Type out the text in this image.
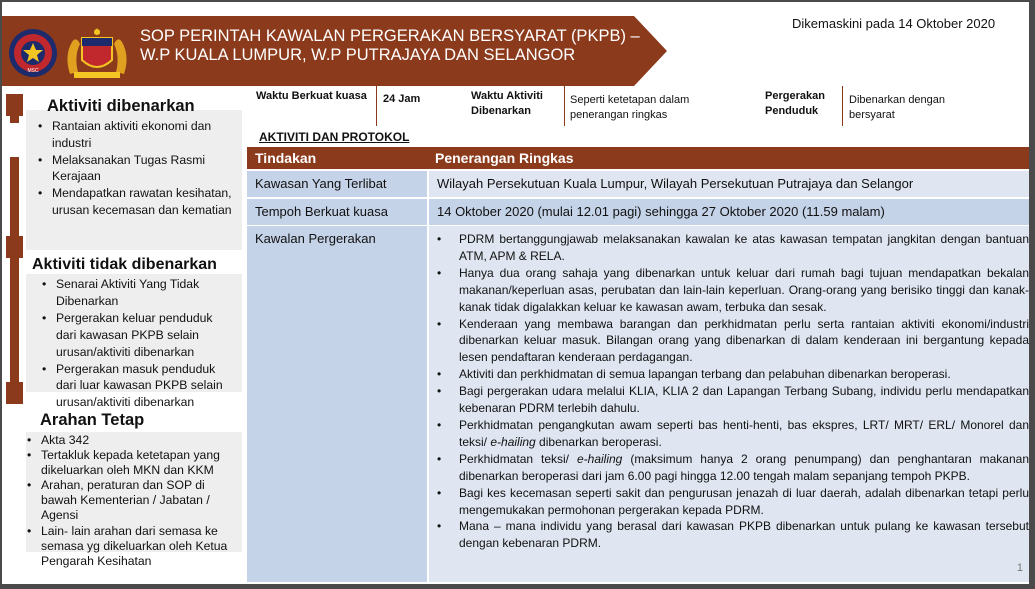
MSC
SOP PERINTAH KAWALAN PERGERAKAN BERSYARAT (PKPB) – W.P KUALA LUMPUR, W.P PUTRAJAYA DAN SELANGOR
Dikemaskini pada 14 Oktober 2020
Aktiviti dibenarkan
• Rantaian aktiviti ekonomi dan industri
• Melaksanakan Tugas Rasmi Kerajaan
• Mendapatkan rawatan kesihatan, urusan kecemasan dan kematian
Aktiviti tidak dibenarkan
• Senarai Aktiviti Yang Tidak Dibenarkan
• Pergerakan keluar penduduk dari kawasan PKPB selain urusan/aktiviti dibenarkan
• Pergerakan masuk penduduk dari luar kawasan PKPB selain urusan/aktiviti dibenarkan
Arahan Tetap
• Akta 342
• Tertakluk kepada ketetapan yang dikeluarkan oleh MKN dan KKM
• Arahan, peraturan dan SOP di bawah Kementerian / Jabatan / Agensi
• Lain- lain arahan dari semasa ke semasa yg dikeluarkan oleh Ketua Pengarah Kesihatan
Waktu Berkuat kuasa	24 Jam	Waktu Aktiviti Dibenarkan
Seperti ketetapan dalam penerangan ringkas
Pergerakan Penduduk
Dibenarkan dengan bersyarat
AKTIVITI DAN PROTOKOL
Tindakan	Penerangan Ringkas
Kawasan Yang Terlibat	Wilayah Persekutuan Kuala Lumpur, Wilayah Persekutuan Putrajaya dan Selangor
Tempoh Berkuat kuasa	14 Oktober 2020 (mulai 12.01 pagi) sehingga 27 Oktober 2020 (11.59 malam)
Kawalan Pergerakan
•	PDRM bertanggungjawab melaksanakan kawalan ke atas kawasan tempatan jangkitan dengan bantuan ATM, APM & RELA.
• Hanya dua orang sahaja yang dibenarkan untuk keluar dari rumah bagi tujuan mendapatkan bekalan makanan/keperluan asas, perubatan dan lain-lain keperluan. Orang-orang yang berisiko tinggi dan kanak-kanak tidak digalakkan keluar ke kawasan awam, terbuka dan sesak.
• Kenderaan yang membawa barangan dan perkhidmatan perlu serta rantaian aktiviti ekonomi/industri dibenarkan keluar masuk. Bilangan orang yang dibenarkan di dalam kenderaan ini bergantung kepada lesen pendaftaran kenderaan perdagangan.
• Aktiviti dan perkhidmatan di semua lapangan terbang dan pelabuhan dibenarkan beroperasi.
• Bagi pergerakan udara melalui KLIA, KLIA 2 dan Lapangan Terbang Subang, individu perlu mendapatkan kebenaran PDRM terlebih dahulu.
• Perkhidmatan pengangkutan awam seperti bas henti-henti, bas ekspres, LRT/ MRT/ ERL/ Monorel dan teksi/ e-hailing dibenarkan beroperasi.
• Perkhidmatan teksi/ e-hailing (maksimum hanya 2 orang penumpang) dan penghantaran makanan dibenarkan beroperasi dari jam 6.00 pagi hingga 12.00 tengah malam sepanjang tempoh PKPB.
• Bagi kes kecemasan seperti sakit dan pengurusan jenazah di luar daerah, adalah dibenarkan tetapi perlu mengemukakan permohonan pergerakan kepada PDRM.
• Mana – mana individu yang berasal dari kawasan PKPB dibenarkan untuk pulang ke kawasan tersebut dengan kebenaran PDRM.
1
